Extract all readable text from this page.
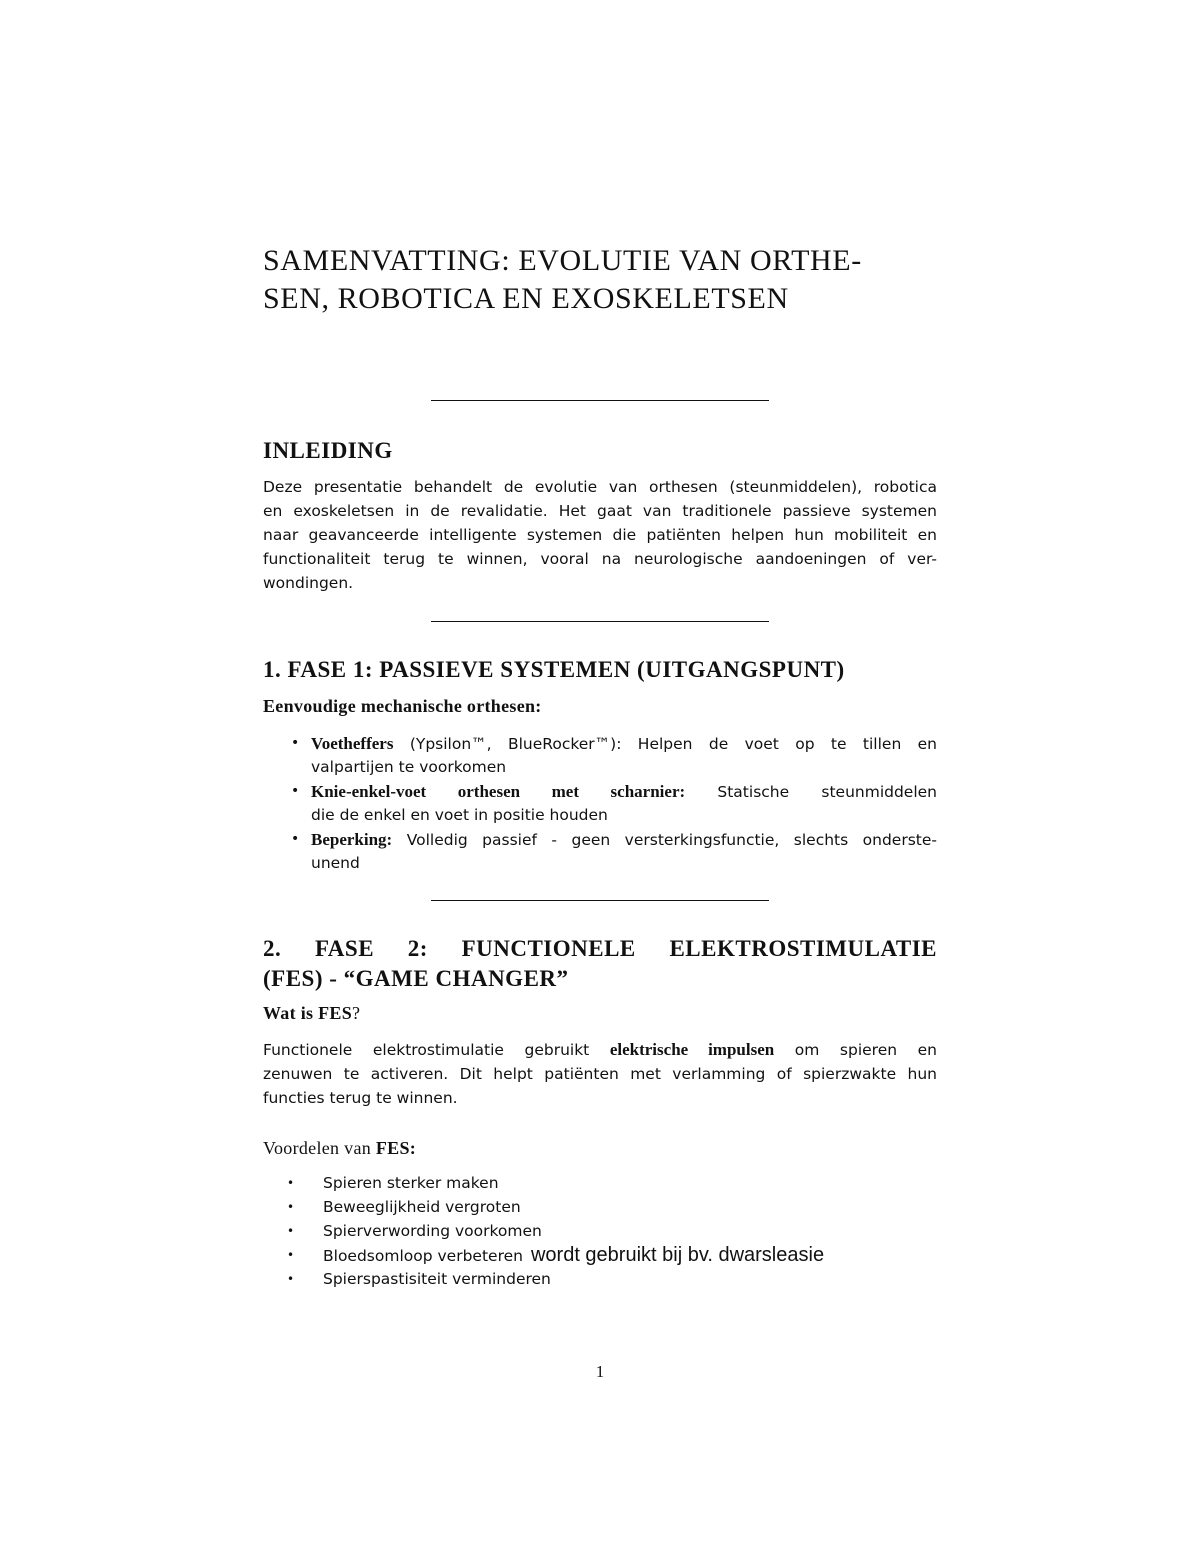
SAMENVATTING: EVOLUTIE VAN ORTHE-
SEN, ROBOTICA EN EXOSKELETSEN
INLEIDING

Deze presentatie behandelt de evolutie van orthesen (steunmiddelen), robotica
en exoskeletsen in de revalidatie. Het gaat van traditionele passieve systemen
naar geavanceerde intelligente systemen die patiënten helpen hun mobiliteit en
functionaliteit terug te winnen, vooral na neurologische aandoeningen of ver-
wondingen.

1. FASE 1: PASSIEVE SYSTEMEN (UITGANGSPUNT)
Eenvoudige mechanische orthesen:
• Voetheffers (Ypsilon™, BlueRocker™): Helpen de voet op te tillen en
valpartijen te voorkomen
• Knie-enkel-voet orthesen met scharnier: Statische steunmiddelen
die de enkel en voet in positie houden
• Beperking: Volledig passief - geen versterkingsfunctie, slechts onderste-
unend
2. FASE 2: FUNCTIONELE ELEKTROSTIMULATIE
(FES) - “GAME CHANGER”
Wat is FES?

Functionele elektrostimulatie gebruikt elektrische impulsen om spieren en
zenuwen te activeren. Dit helpt patiënten met verlamming of spierzwakte hun
functies terug te winnen.

Voordelen van FES:
• Spieren sterker maken
• Beweeglijkheid vergroten
• Spierverwording voorkomen
• Bloedsomloop verbeteren wordt gebruikt bij bv. dwarsleasie
• Spierspastisiteit verminderen
1
